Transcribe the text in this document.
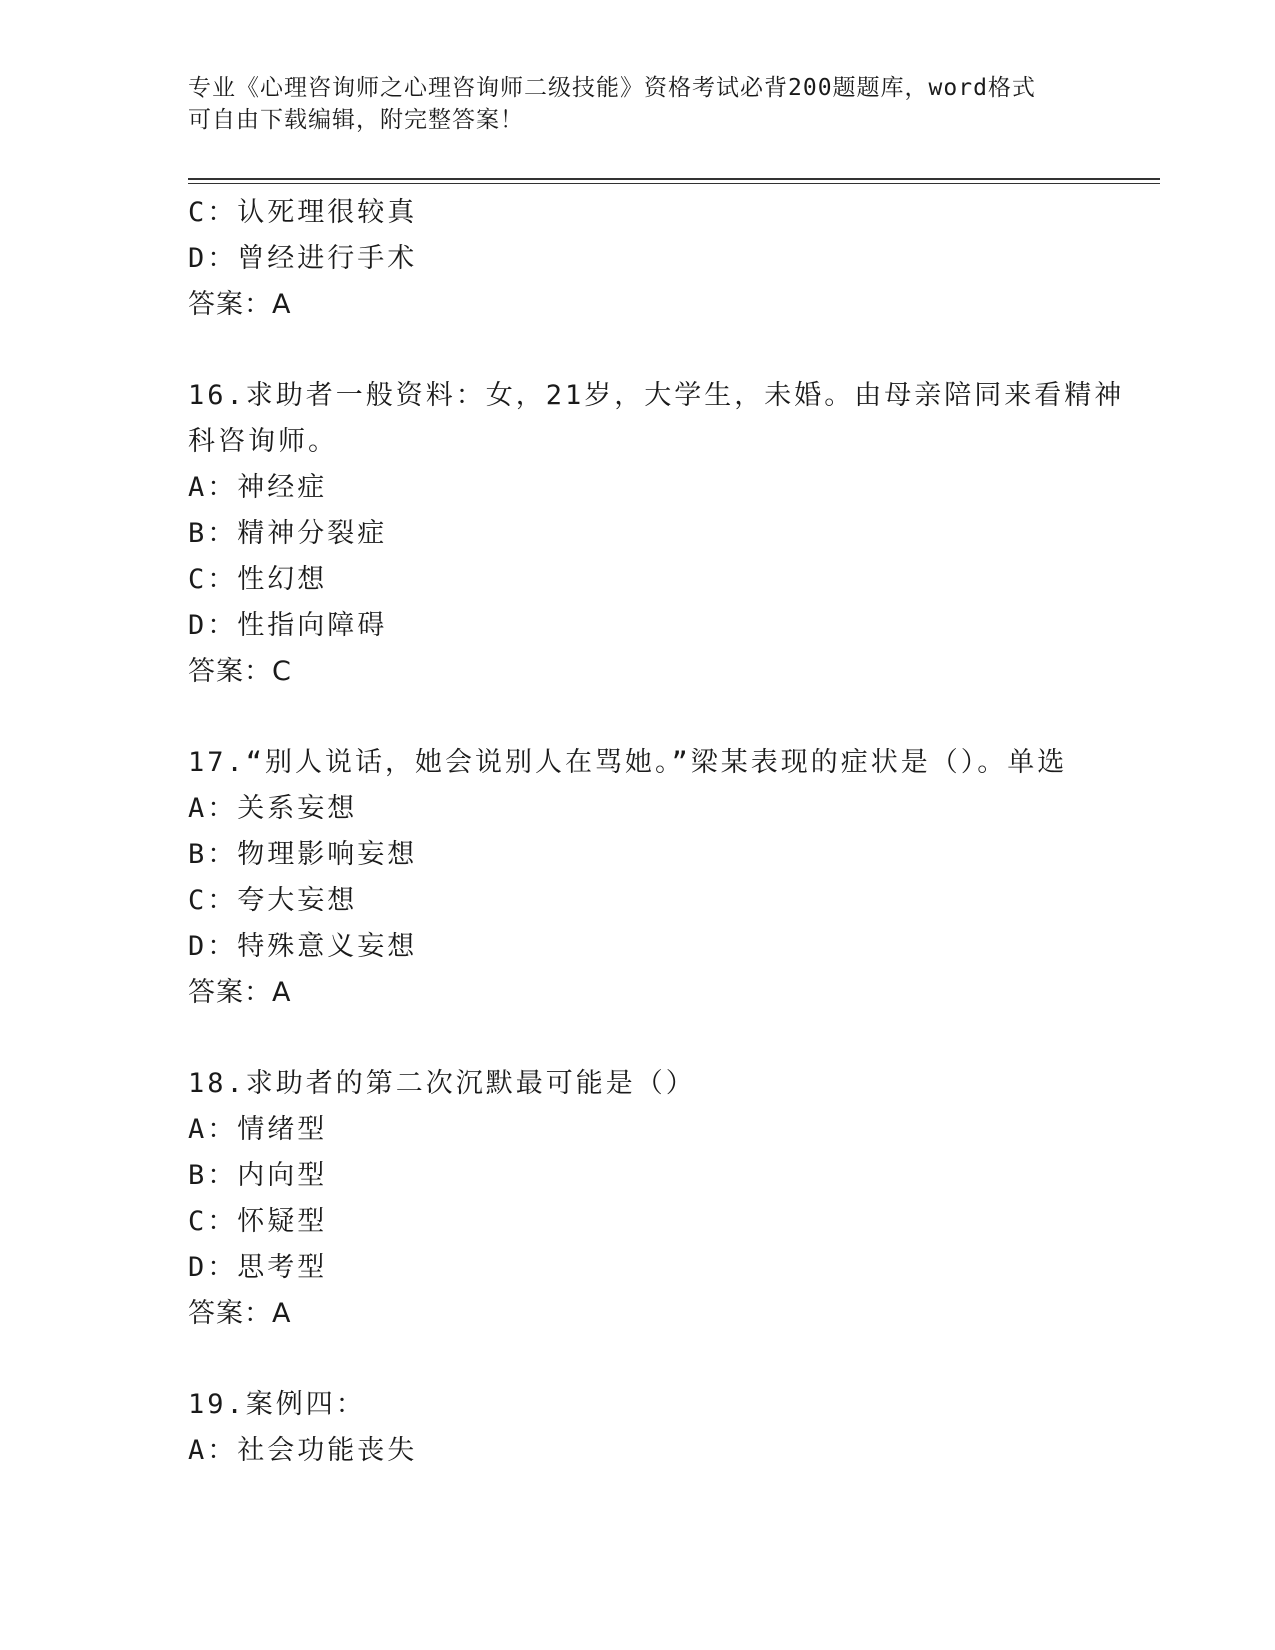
专业《心理咨询师之心理咨询师二级技能》资格考试必背200题题库，word格式
可自由下载编辑，附完整答案！
C：认死理很较真
D：曾经进行手术
答案：A
16.求助者一般资料：女，21岁，大学生，未婚。由母亲陪同来看精神
科咨询师。
A：神经症
B：精神分裂症
C：性幻想
D：性指向障碍
答案：C
17.“别人说话，她会说别人在骂她。”梁某表现的症状是（）。单选
A：关系妄想
B：物理影响妄想
C：夸大妄想
D：特殊意义妄想
答案：A
18.求助者的第二次沉默最可能是（）
A：情绪型
B：内向型
C：怀疑型
D：思考型
答案：A
19.案例四：
A：社会功能丧失
